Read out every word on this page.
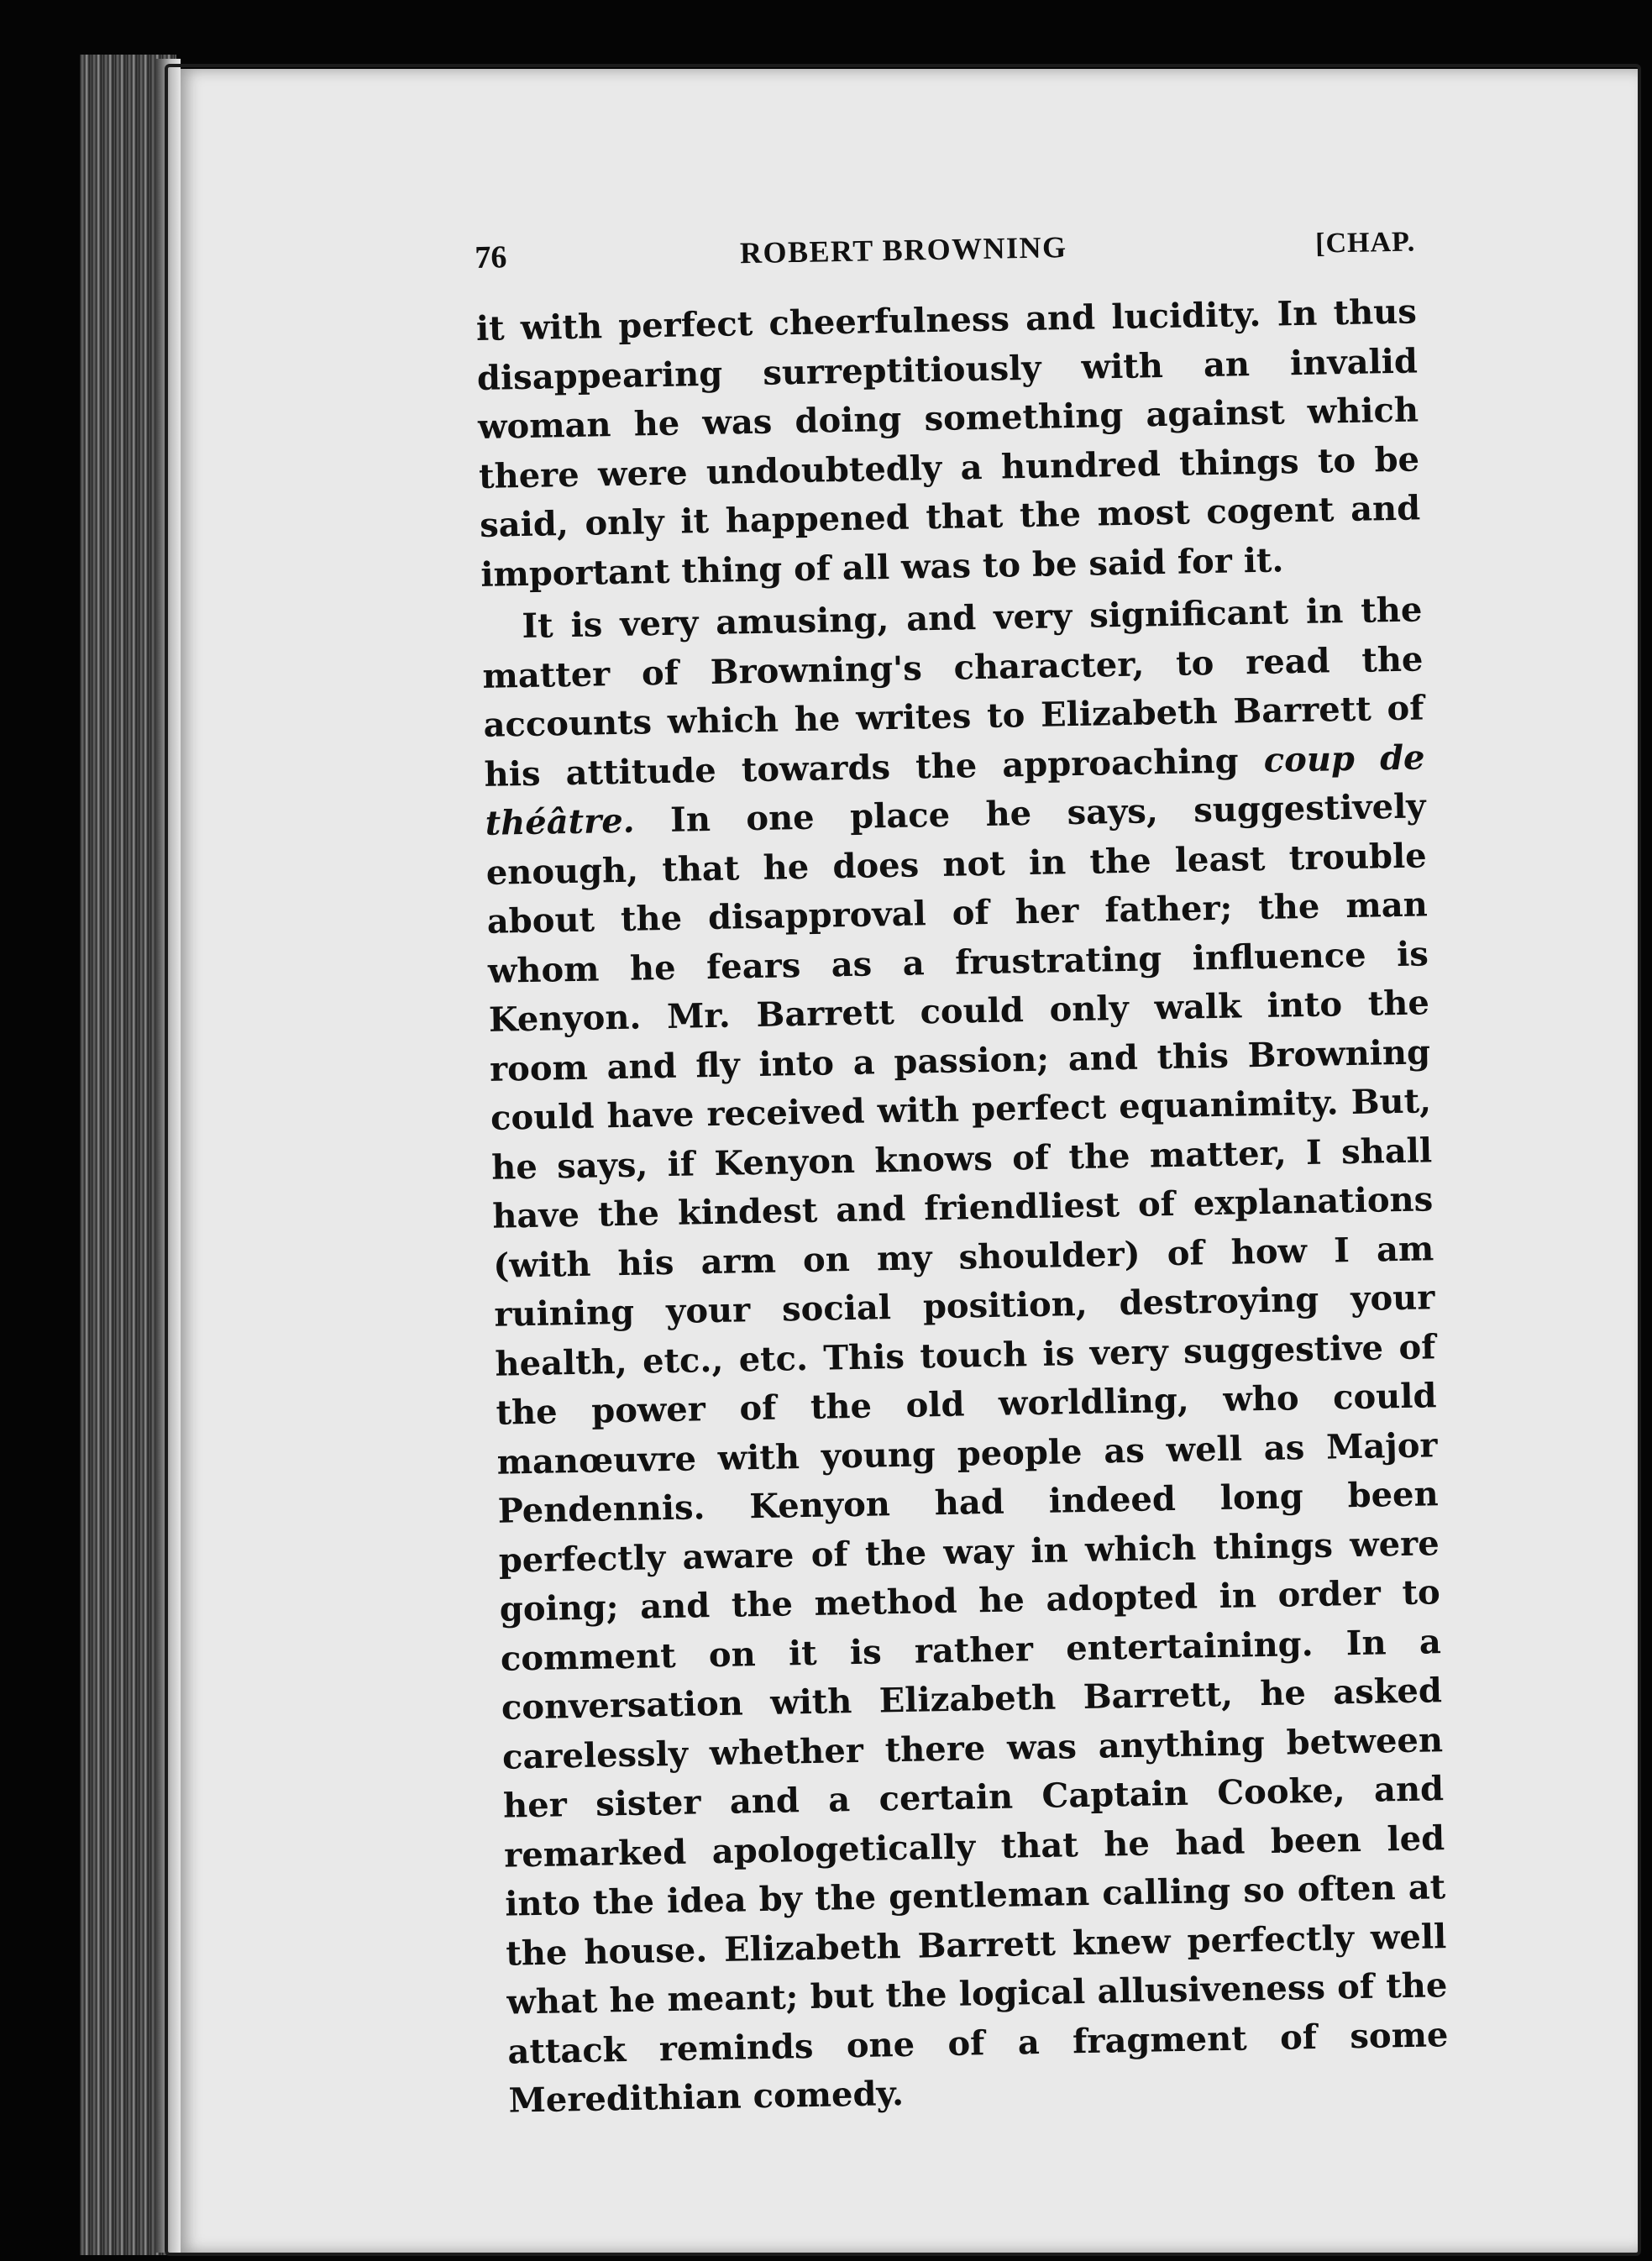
76	ROBERT BROWNING	[CHAP.

it with perfect cheerfulness and lucidity. In thus disappearing surreptitiously with an invalid woman he was doing something against which there were undoubtedly a hundred things to be said, only it happened that the most cogent and important thing of all was to be said for it.

It is very amusing, and very significant in the matter of Browning's character, to read the accounts which he writes to Elizabeth Barrett of his attitude towards the approaching coup de théâtre. In one place he says, suggestively enough, that he does not in the least trouble about the disapproval of her father; the man whom he fears as a frustrating influence is Kenyon. Mr. Barrett could only walk into the room and fly into a passion; and this Browning could have received with perfect equanimity. But, he says, if Kenyon knows of the matter, I shall have the kindest and friendliest of explanations (with his arm on my shoulder) of how I am ruining your social position, destroying your health, etc., etc. This touch is very suggestive of the power of the old worldling, who could manœuvre with young people as well as Major Pendennis. Kenyon had indeed long been perfectly aware of the way in which things were going; and the method he adopted in order to comment on it is rather entertaining. In a conversation with Elizabeth Barrett, he asked carelessly whether there was anything between her sister and a certain Captain Cooke, and remarked apologetically that he had been led into the idea by the gentleman calling so often at the house. Elizabeth Barrett knew perfectly well what he meant; but the logical allusiveness of the attack reminds one of a fragment of some Meredithian comedy.
